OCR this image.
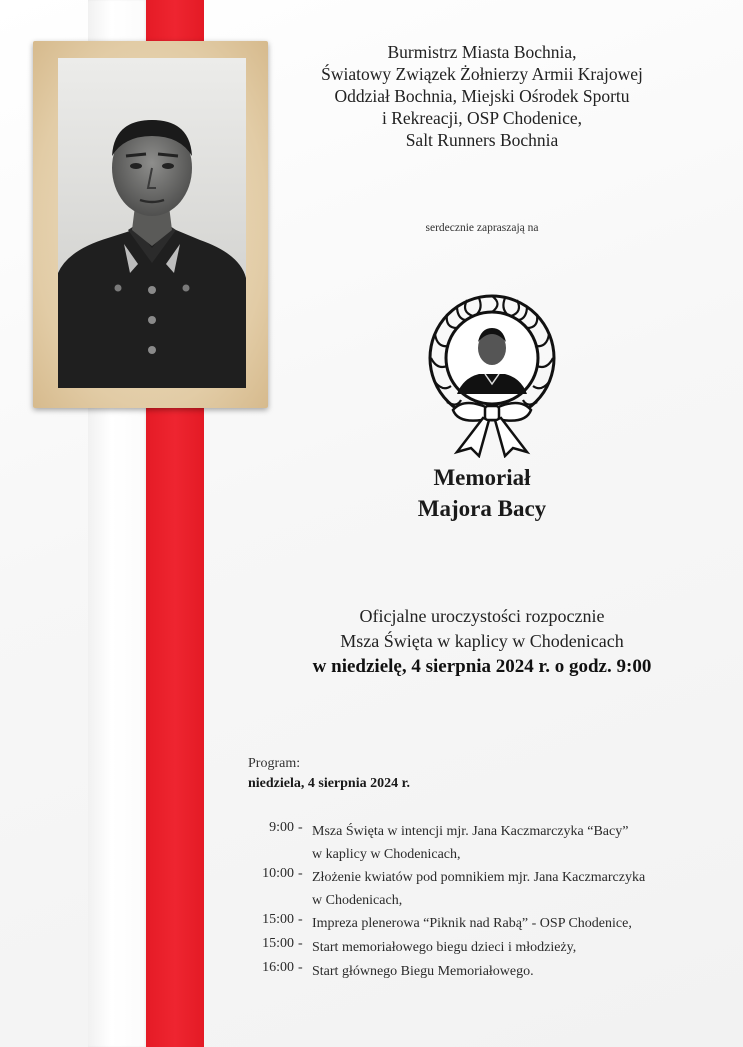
Burmistrz Miasta Bochnia,
Światowy Związek Żołnierzy Armii Krajowej
Oddział Bochnia, Miejski Ośrodek Sportu
i Rekreacji, OSP Chodenice,
Salt Runners Bochnia
serdecznie zapraszają na
Memoriał
Majora Bacy
Oficjalne uroczystości rozpocznie
Msza Święta w kaplicy w Chodenicach
w niedzielę, 4 sierpnia 2024 r. o godz. 9:00
Program:
niedziela, 4 sierpnia 2024 r.
9:00 - Msza Święta w intencji mjr. Jana Kaczmarczyka “Bacy”
w kaplicy w Chodenicach,
10:00 - Złożenie kwiatów pod pomnikiem mjr. Jana Kaczmarczyka
w Chodenicach,
15:00 - Impreza plenerowa “Piknik nad Rabą” - OSP Chodenice,
15:00 - Start memoriałowego biegu dzieci i młodzieży,
16:00 - Start głównego Biegu Memoriałowego.
